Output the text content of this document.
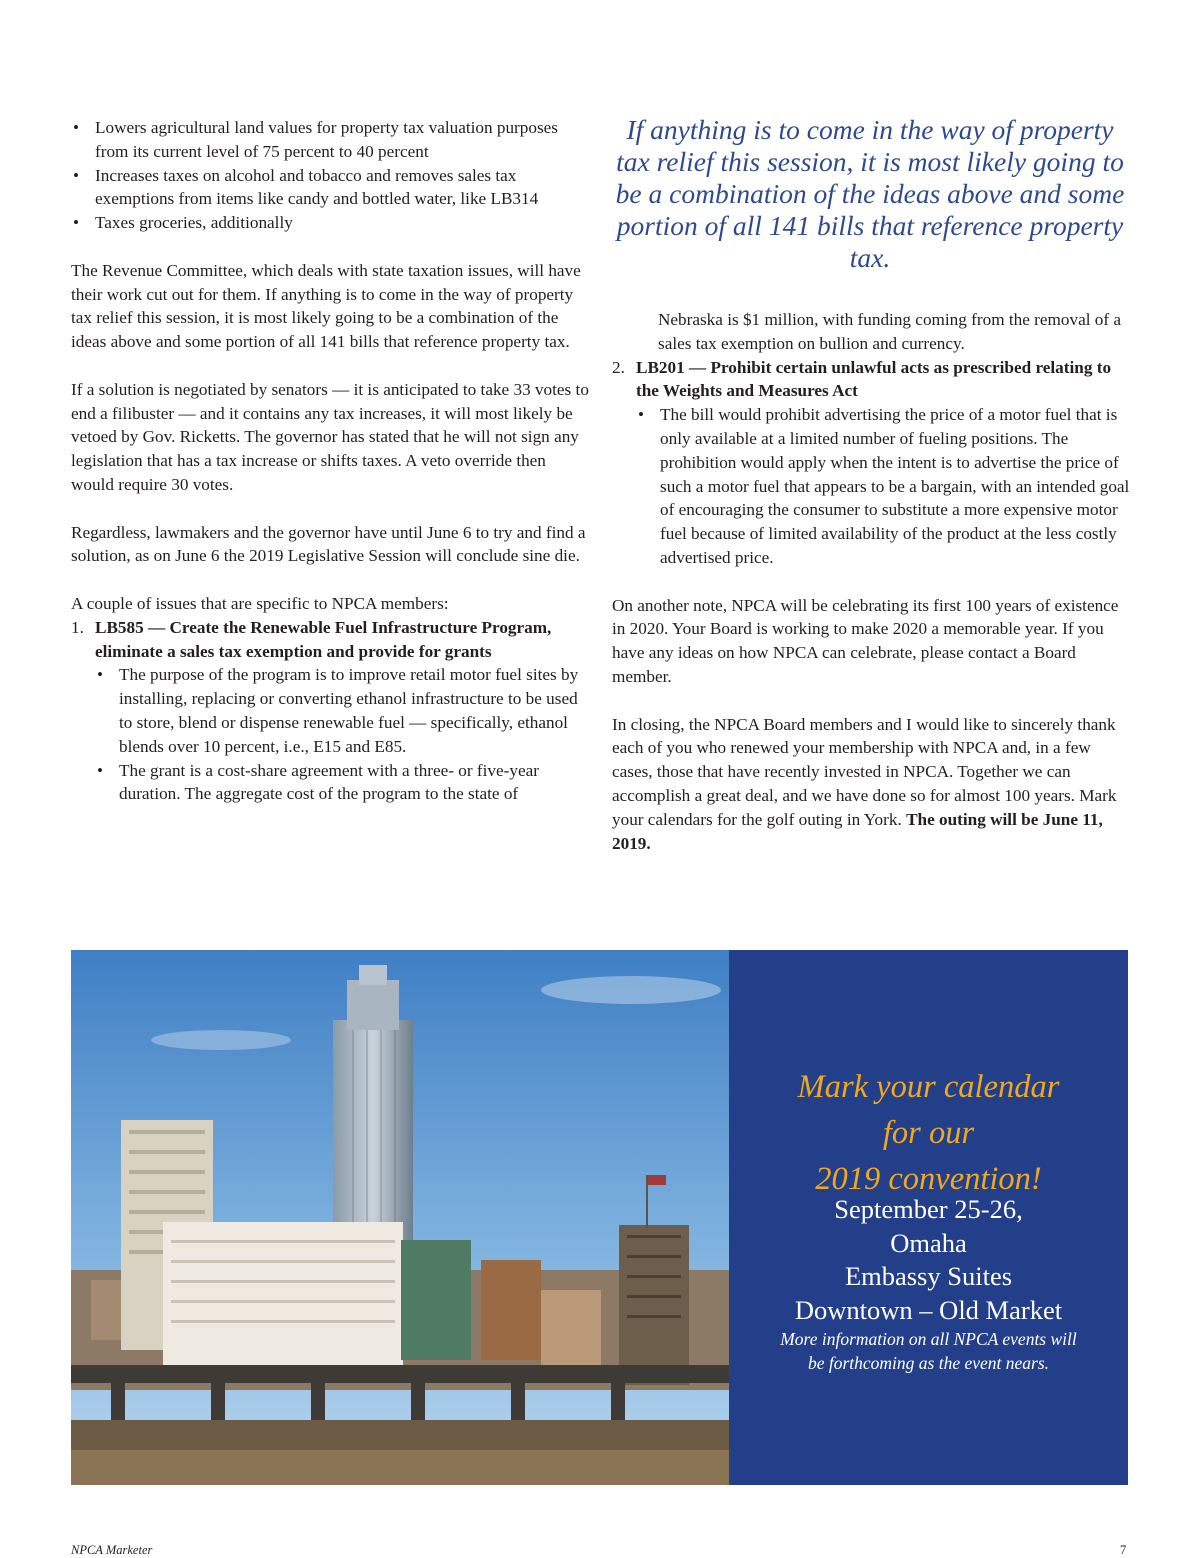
• Lowers agricultural land values for property tax valuation purposes from its current level of 75 percent to 40 percent
• Increases taxes on alcohol and tobacco and removes sales tax exemptions from items like candy and bottled water, like LB314
• Taxes groceries, additionally

The Revenue Committee, which deals with state taxation issues, will have their work cut out for them. If anything is to come in the way of property tax relief this session, it is most likely going to be a combination of the ideas above and some portion of all 141 bills that reference property tax.

If a solution is negotiated by senators — it is anticipated to take 33 votes to end a filibuster — and it contains any tax increases, it will most likely be vetoed by Gov. Ricketts. The governor has stated that he will not sign any legislation that has a tax increase or shifts taxes. A veto override then would require 30 votes.

Regardless, lawmakers and the governor have until June 6 to try and find a solution, as on June 6 the 2019 Legislative Session will conclude sine die.

A couple of issues that are specific to NPCA members:
1. LB585 — Create the Renewable Fuel Infrastructure Program, eliminate a sales tax exemption and provide for grants
• The purpose of the program is to improve retail motor fuel sites by installing, replacing or converting ethanol infrastructure to be used to store, blend or dispense renewable fuel — specifically, ethanol blends over 10 percent, i.e., E15 and E85.
• The grant is a cost-share agreement with a three- or five-year duration. The aggregate cost of the program to the state of
If anything is to come in the way of property tax relief this session, it is most likely going to be a combination of the ideas above and some portion of all 141 bills that reference property tax.
Nebraska is $1 million, with funding coming from the removal of a sales tax exemption on bullion and currency.
2. LB201 — Prohibit certain unlawful acts as prescribed relating to the Weights and Measures Act
• The bill would prohibit advertising the price of a motor fuel that is only available at a limited number of fueling positions. The prohibition would apply when the intent is to advertise the price of such a motor fuel that appears to be a bargain, with an intended goal of encouraging the consumer to substitute a more expensive motor fuel because of limited availability of the product at the less costly advertised price.

On another note, NPCA will be celebrating its first 100 years of existence in 2020. Your Board is working to make 2020 a memorable year. If you have any ideas on how NPCA can celebrate, please contact a Board member.

In closing, the NPCA Board members and I would like to sincerely thank each of you who renewed your membership with NPCA and, in a few cases, those that have recently invested in NPCA. Together we can accomplish a great deal, and we have done so for almost 100 years. Mark your calendars for the golf outing in York. The outing will be June 11, 2019.

Mark your calendar
for our
2019 convention!
September 25-26,
Omaha
Embassy Suites
Downtown – Old Market
More information on all NPCA events will
be forthcoming as the event nears.
NPCA Marketer	7
